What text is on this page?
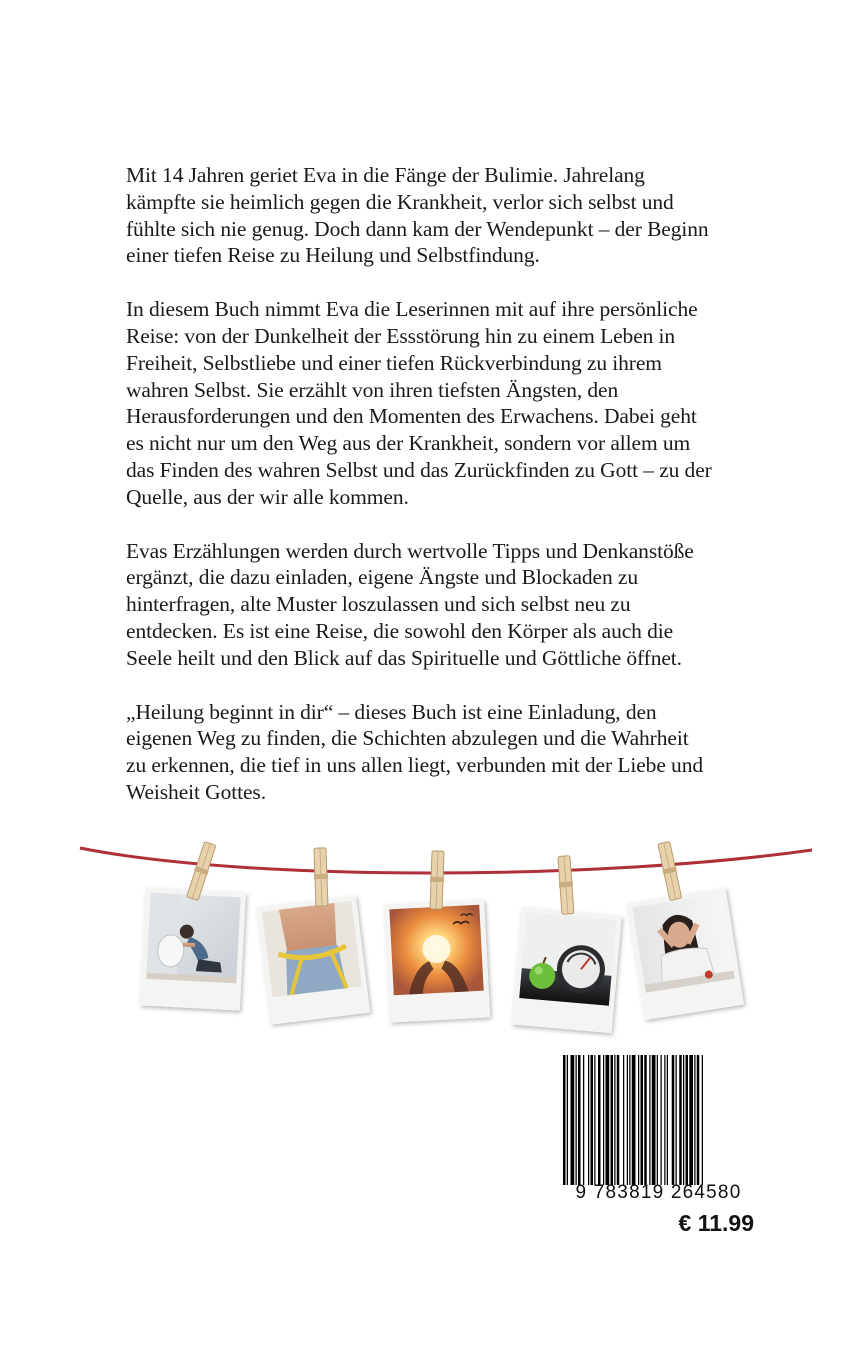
Mit 14 Jahren geriet Eva in die Fänge der Bulimie. Jahrelang
kämpfte sie heimlich gegen die Krankheit, verlor sich selbst und
fühlte sich nie genug. Doch dann kam der Wendepunkt – der Beginn
einer tiefen Reise zu Heilung und Selbstfindung.

In diesem Buch nimmt Eva die Leserinnen mit auf ihre persönliche
Reise: von der Dunkelheit der Essstörung hin zu einem Leben in
Freiheit, Selbstliebe und einer tiefen Rückverbindung zu ihrem
wahren Selbst. Sie erzählt von ihren tiefsten Ängsten, den
Herausforderungen und den Momenten des Erwachens. Dabei geht
es nicht nur um den Weg aus der Krankheit, sondern vor allem um
das Finden des wahren Selbst und das Zurückfinden zu Gott – zu der
Quelle, aus der wir alle kommen.

Evas Erzählungen werden durch wertvolle Tipps und Denkanstöße
ergänzt, die dazu einladen, eigene Ängste und Blockaden zu
hinterfragen, alte Muster loszulassen und sich selbst neu zu
entdecken. Es ist eine Reise, die sowohl den Körper als auch die
Seele heilt und den Blick auf das Spirituelle und Göttliche öffnet.

„Heilung beginnt in dir“ – dieses Buch ist eine Einladung, den
eigenen Weg zu finden, die Schichten abzulegen und die Wahrheit
zu erkennen, die tief in uns allen liegt, verbunden mit der Liebe und
Weisheit Gottes.

9 783819 264580
€ 11.99
